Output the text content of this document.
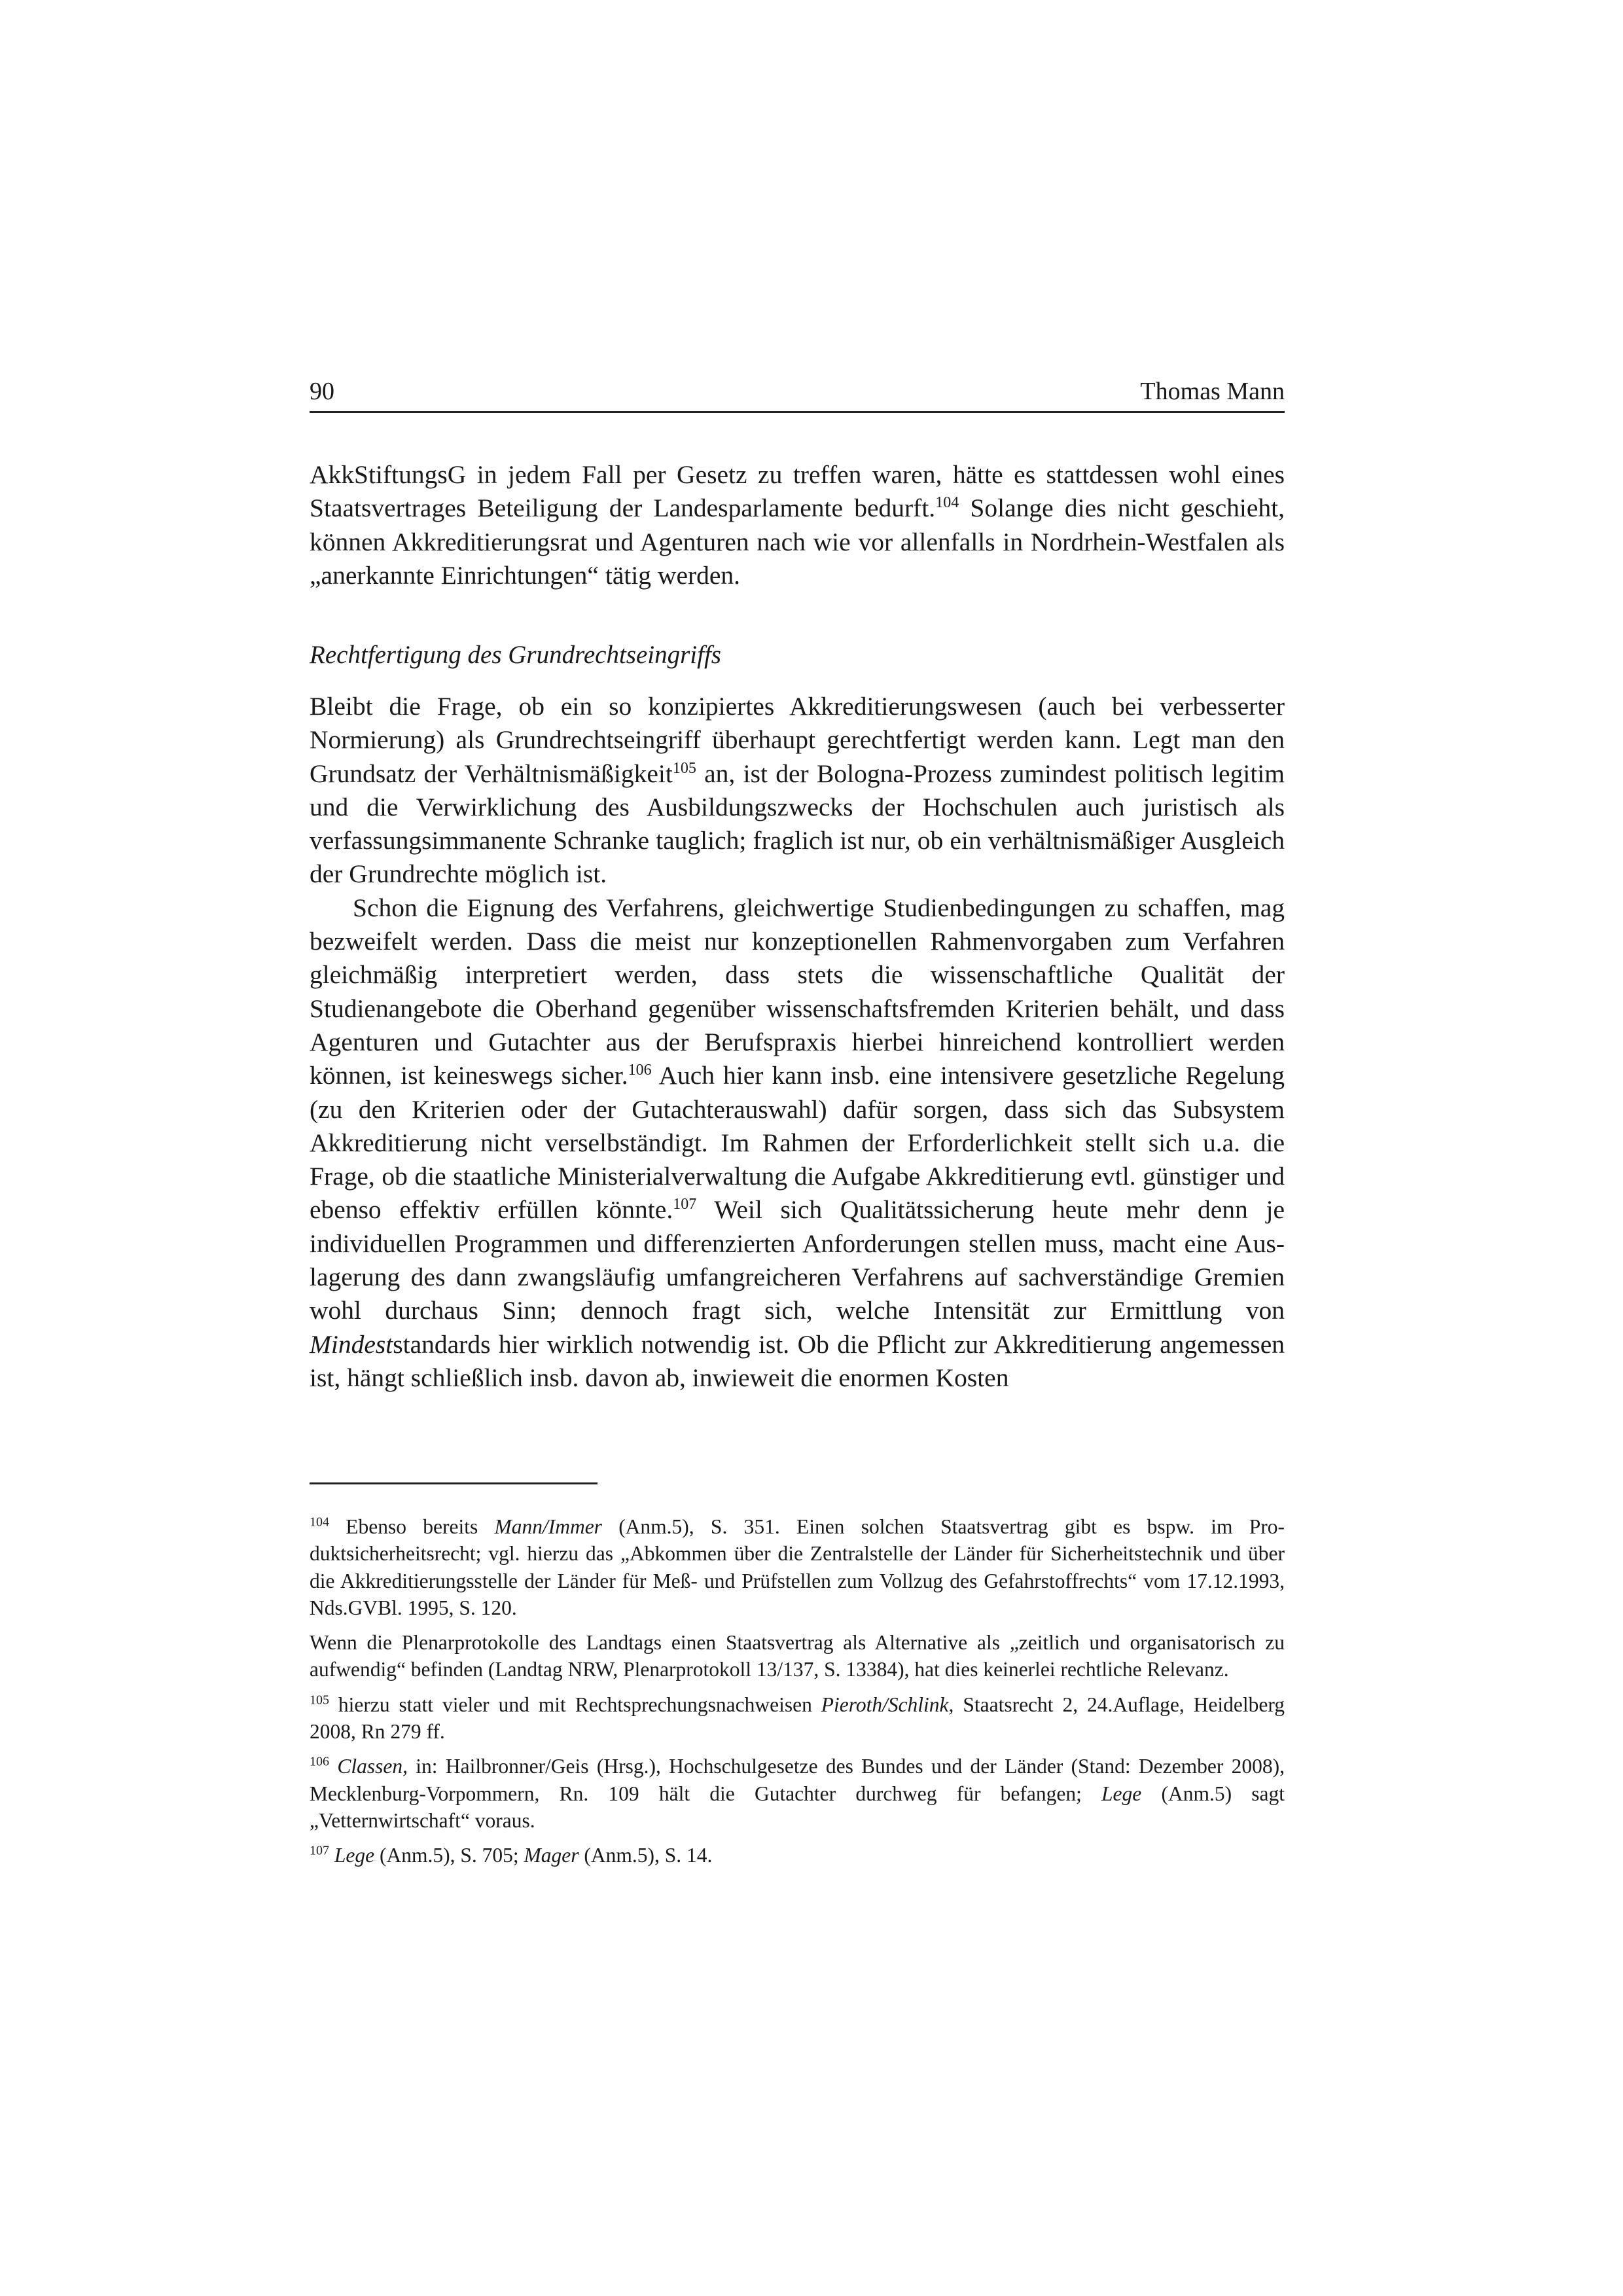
90	Thomas Mann

AkkStiftungsG in jedem Fall per Gesetz zu treffen waren, hätte es stattdessen wohl eines Staatsvertrages Beteiligung der Landesparlamente bedurft.$^{104}$ Solange dies nicht geschieht, können Akkreditierungsrat und Agenturen nach wie vor allenfalls in Nordrhein-Westfalen als „anerkannte Einrichtungen“ tätig werden.

Rechtfertigung des Grundrechtseingriffs

Bleibt die Frage, ob ein so konzipiertes Akkreditierungswesen (auch bei verbesserter Normierung) als Grundrechtseingriff überhaupt gerechtfertigt werden kann. Legt man den Grundsatz der Verhältnismäßigkeit$^{105}$ an, ist der Bologna-Prozess zumindest politisch legitim und die Verwirklichung des Ausbildungszwecks der Hochschulen auch juristisch als verfassungsimmanente Schranke tauglich; fraglich ist nur, ob ein verhältnismäßiger Ausgleich der Grundrechte möglich ist.

Schon die Eignung des Verfahrens, gleichwertige Studienbedingungen zu schaffen, mag bezweifelt werden. Dass die meist nur konzeptionellen Rahmenvorgaben zum Verfahren gleichmäßig interpretiert werden, dass stets die wissenschaftliche Qualität der Studienangebote die Oberhand gegenüber wissenschaftsfremden Kriterien behält, und dass Agenturen und Gutachter aus der Berufspraxis hierbei hinreichend kontrolliert werden können, ist keineswegs sicher.$^{106}$ Auch hier kann insb. eine intensivere gesetzliche Regelung (zu den Kriterien oder der Gutachterauswahl) dafür sorgen, dass sich das Subsystem Akkreditierung nicht verselbständigt. Im Rahmen der Erforderlichkeit stellt sich u.a. die Frage, ob die staatliche Ministerialverwaltung die Aufgabe Akkreditierung evtl. günstiger und ebenso effektiv erfüllen könnte.$^{107}$ Weil sich Qualitätssicherung heute mehr denn je individuellen Programmen und differenzierten Anforderungen stellen muss, macht eine Auslagerung des dann zwangsläufig umfangreicheren Verfahrens auf sachverständige Gremien wohl durchaus Sinn; dennoch fragt sich, welche Intensität zur Ermittlung von Mindeststandards hier wirklich notwendig ist. Ob die Pflicht zur Akkreditierung angemessen ist, hängt schließlich insb. davon ab, inwieweit die enormen Kosten

$^{104}$ Ebenso bereits Mann/Immer (Anm.5), S. 351. Einen solchen Staatsvertrag gibt es bspw. im Produktsicherheitsrecht; vgl. hierzu das „Abkommen über die Zentralstelle der Länder für Sicherheitstechnik und über die Akkreditierungsstelle der Länder für Meß- und Prüfstellen zum Vollzug des Gefahrstoffrechts“ vom 17.12.1993, Nds.GVBl. 1995, S. 120.

Wenn die Plenarprotokolle des Landtags einen Staatsvertrag als Alternative als „zeitlich und organisatorisch zu aufwendig“ befinden (Landtag NRW, Plenarprotokoll 13/137, S. 13384), hat dies keinerlei rechtliche Relevanz.

$^{105}$ hierzu statt vieler und mit Rechtsprechungsnachweisen Pieroth/Schlink, Staatsrecht 2, 24.Auflage, Heidelberg 2008, Rn 279 ff.

$^{106}$ Classen, in: Hailbronner/Geis (Hrsg.), Hochschulgesetze des Bundes und der Länder (Stand: Dezember 2008), Mecklenburg-Vorpommern, Rn. 109 hält die Gutachter durchweg für befangen; Lege (Anm.5) sagt „Vetternwirtschaft“ voraus.

$^{107}$ Lege (Anm.5), S. 705; Mager (Anm.5), S. 14.
